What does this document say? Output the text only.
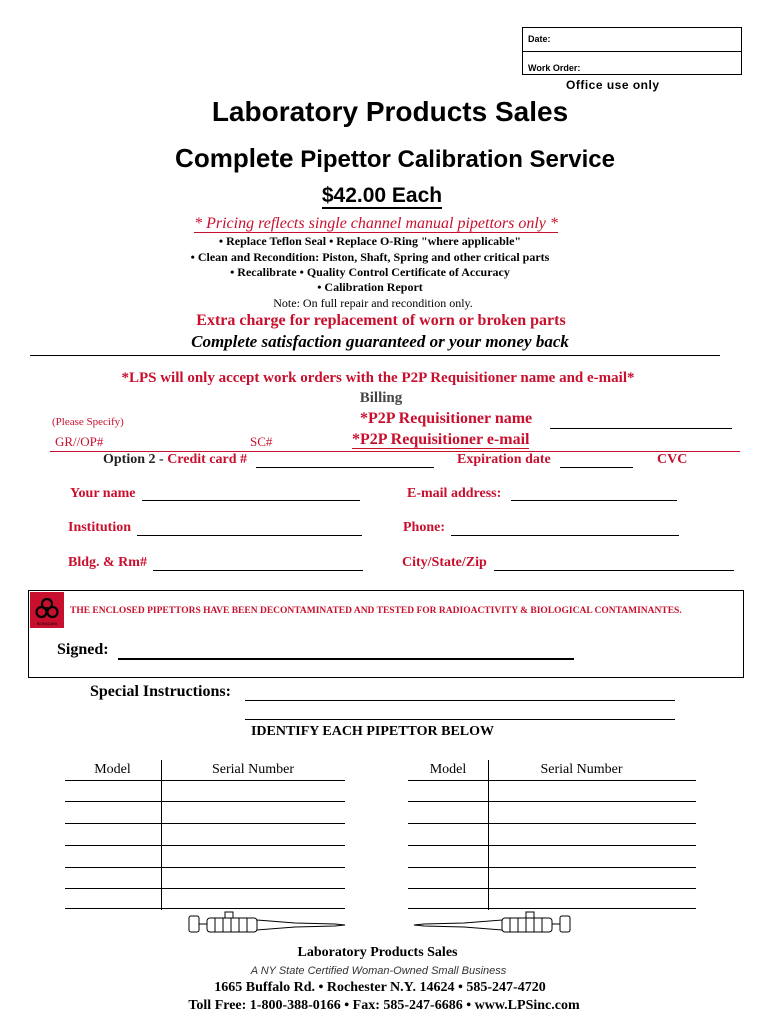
Date:
Work Order:
Office use only
Laboratory Products Sales
Complete Pipettor Calibration Service
$42.00 Each
* Pricing reflects single channel manual pipettors only *
• Replace Teflon Seal • Replace O-Ring "where applicable"
• Clean and Recondition: Piston, Shaft, Spring and other critical parts
• Recalibrate • Quality Control Certificate of Accuracy
• Calibration Report
Note: On full repair and recondition only.
Extra charge for replacement of worn or broken parts
Complete satisfaction guaranteed or your money back
*LPS will only accept work orders with the P2P Requisitioner name and e-mail*
Billing
(Please Specify)	*P2P Requisitioner name
GR//OP#	SC#	*P2P Requisitioner e-mail
Option 2 - Credit card #	Expiration date	CVC
Your name	E-mail address:
Institution	Phone:
Bldg. & Rm#	City/State/Zip
BIOHAZARD
THE ENCLOSED PIPETTORS HAVE BEEN DECONTAMINATED AND TESTED FOR RADIOACTIVITY & BIOLOGICAL CONTAMINANTES.
Signed:
Special Instructions:
IDENTIFY EACH PIPETTOR BELOW
Model	Serial Number	Model	Serial Number
Laboratory Products Sales
A NY State Certified Woman-Owned Small Business
1665 Buffalo Rd. • Rochester N.Y. 14624 • 585-247-4720
Toll Free: 1-800-388-0166 • Fax: 585-247-6686 • www.LPSinc.com
